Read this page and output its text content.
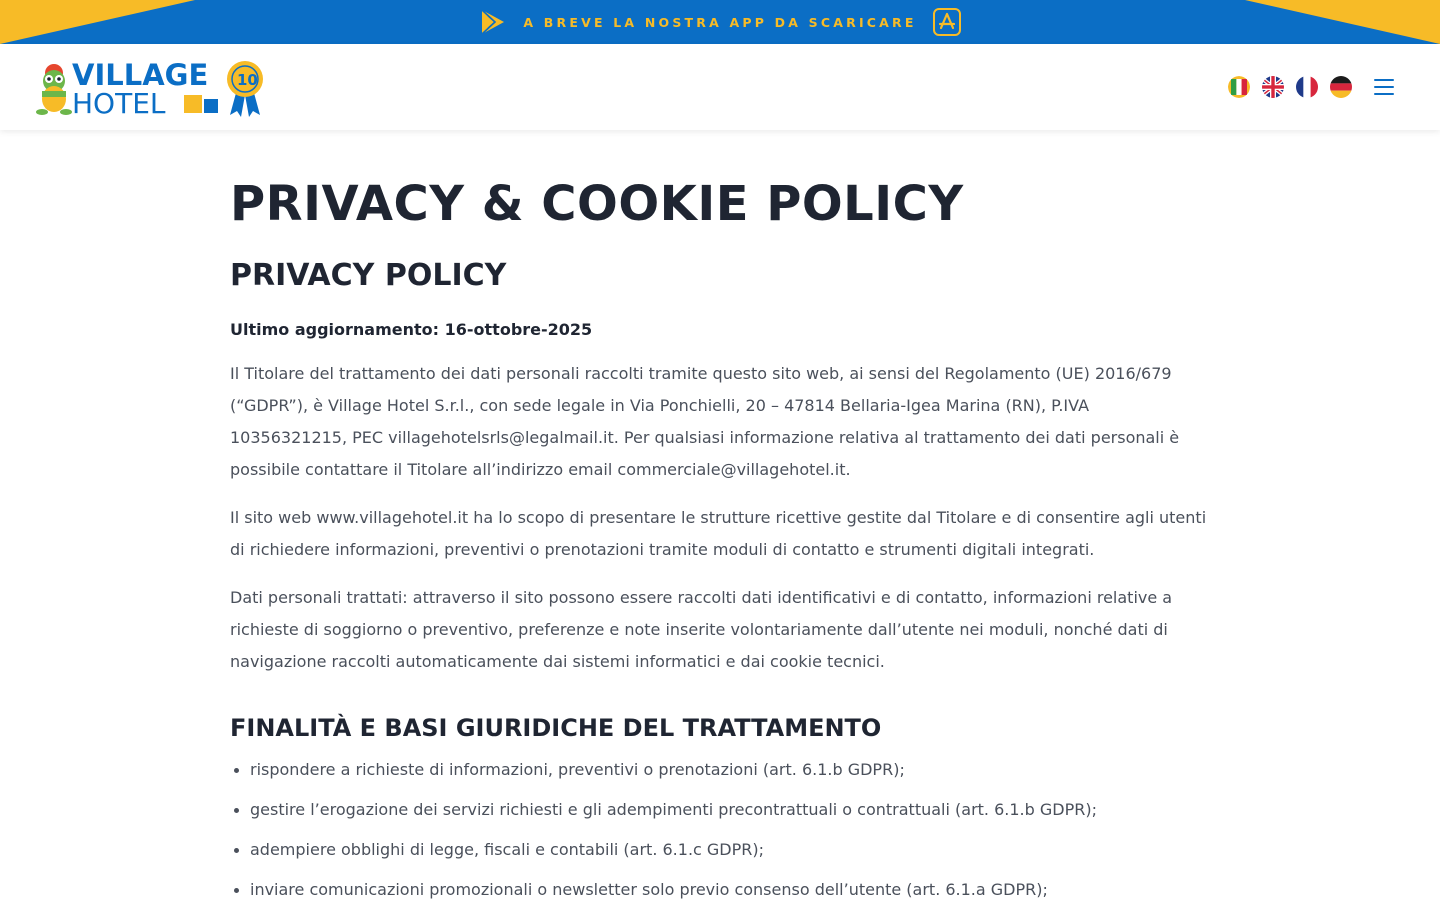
A BREVE LA NOSTRA APP DA SCARICARE
VILLAGE
HOTEL
10
PRIVACY & COOKIE POLICY
PRIVACY POLICY

Ultimo aggiornamento: 16-ottobre-2025

Il Titolare del trattamento dei dati personali raccolti tramite questo sito web, ai sensi del Regolamento (UE) 2016/679 (“GDPR”), è Village Hotel S.r.l., con sede legale in Via Ponchielli, 20 – 47814 Bellaria-Igea Marina (RN), P.IVA 10356321215, PEC villagehotelsrls@legalmail.it. Per qualsiasi informazione relativa al trattamento dei dati personali è possibile contattare il Titolare all’indirizzo email commerciale@villagehotel.it.

Il sito web www.villagehotel.it ha lo scopo di presentare le strutture ricettive gestite dal Titolare e di consentire agli utenti di richiedere informazioni, preventivi o prenotazioni tramite moduli di contatto e strumenti digitali integrati.

Dati personali trattati: attraverso il sito possono essere raccolti dati identificativi e di contatto, informazioni relative a richieste di soggiorno o preventivo, preferenze e note inserite volontariamente dall’utente nei moduli, nonché dati di navigazione raccolti automaticamente dai sistemi informatici e dai cookie tecnici.

FINALITÀ E BASI GIURIDICHE DEL TRATTAMENTO
rispondere a richieste di informazioni, preventivi o prenotazioni (art. 6.1.b GDPR);
gestire l’erogazione dei servizi richiesti e gli adempimenti precontrattuali o contrattuali (art. 6.1.b GDPR);
adempiere obblighi di legge, fiscali e contabili (art. 6.1.c GDPR);
inviare comunicazioni promozionali o newsletter solo previo consenso dell’utente (art. 6.1.a GDPR);
